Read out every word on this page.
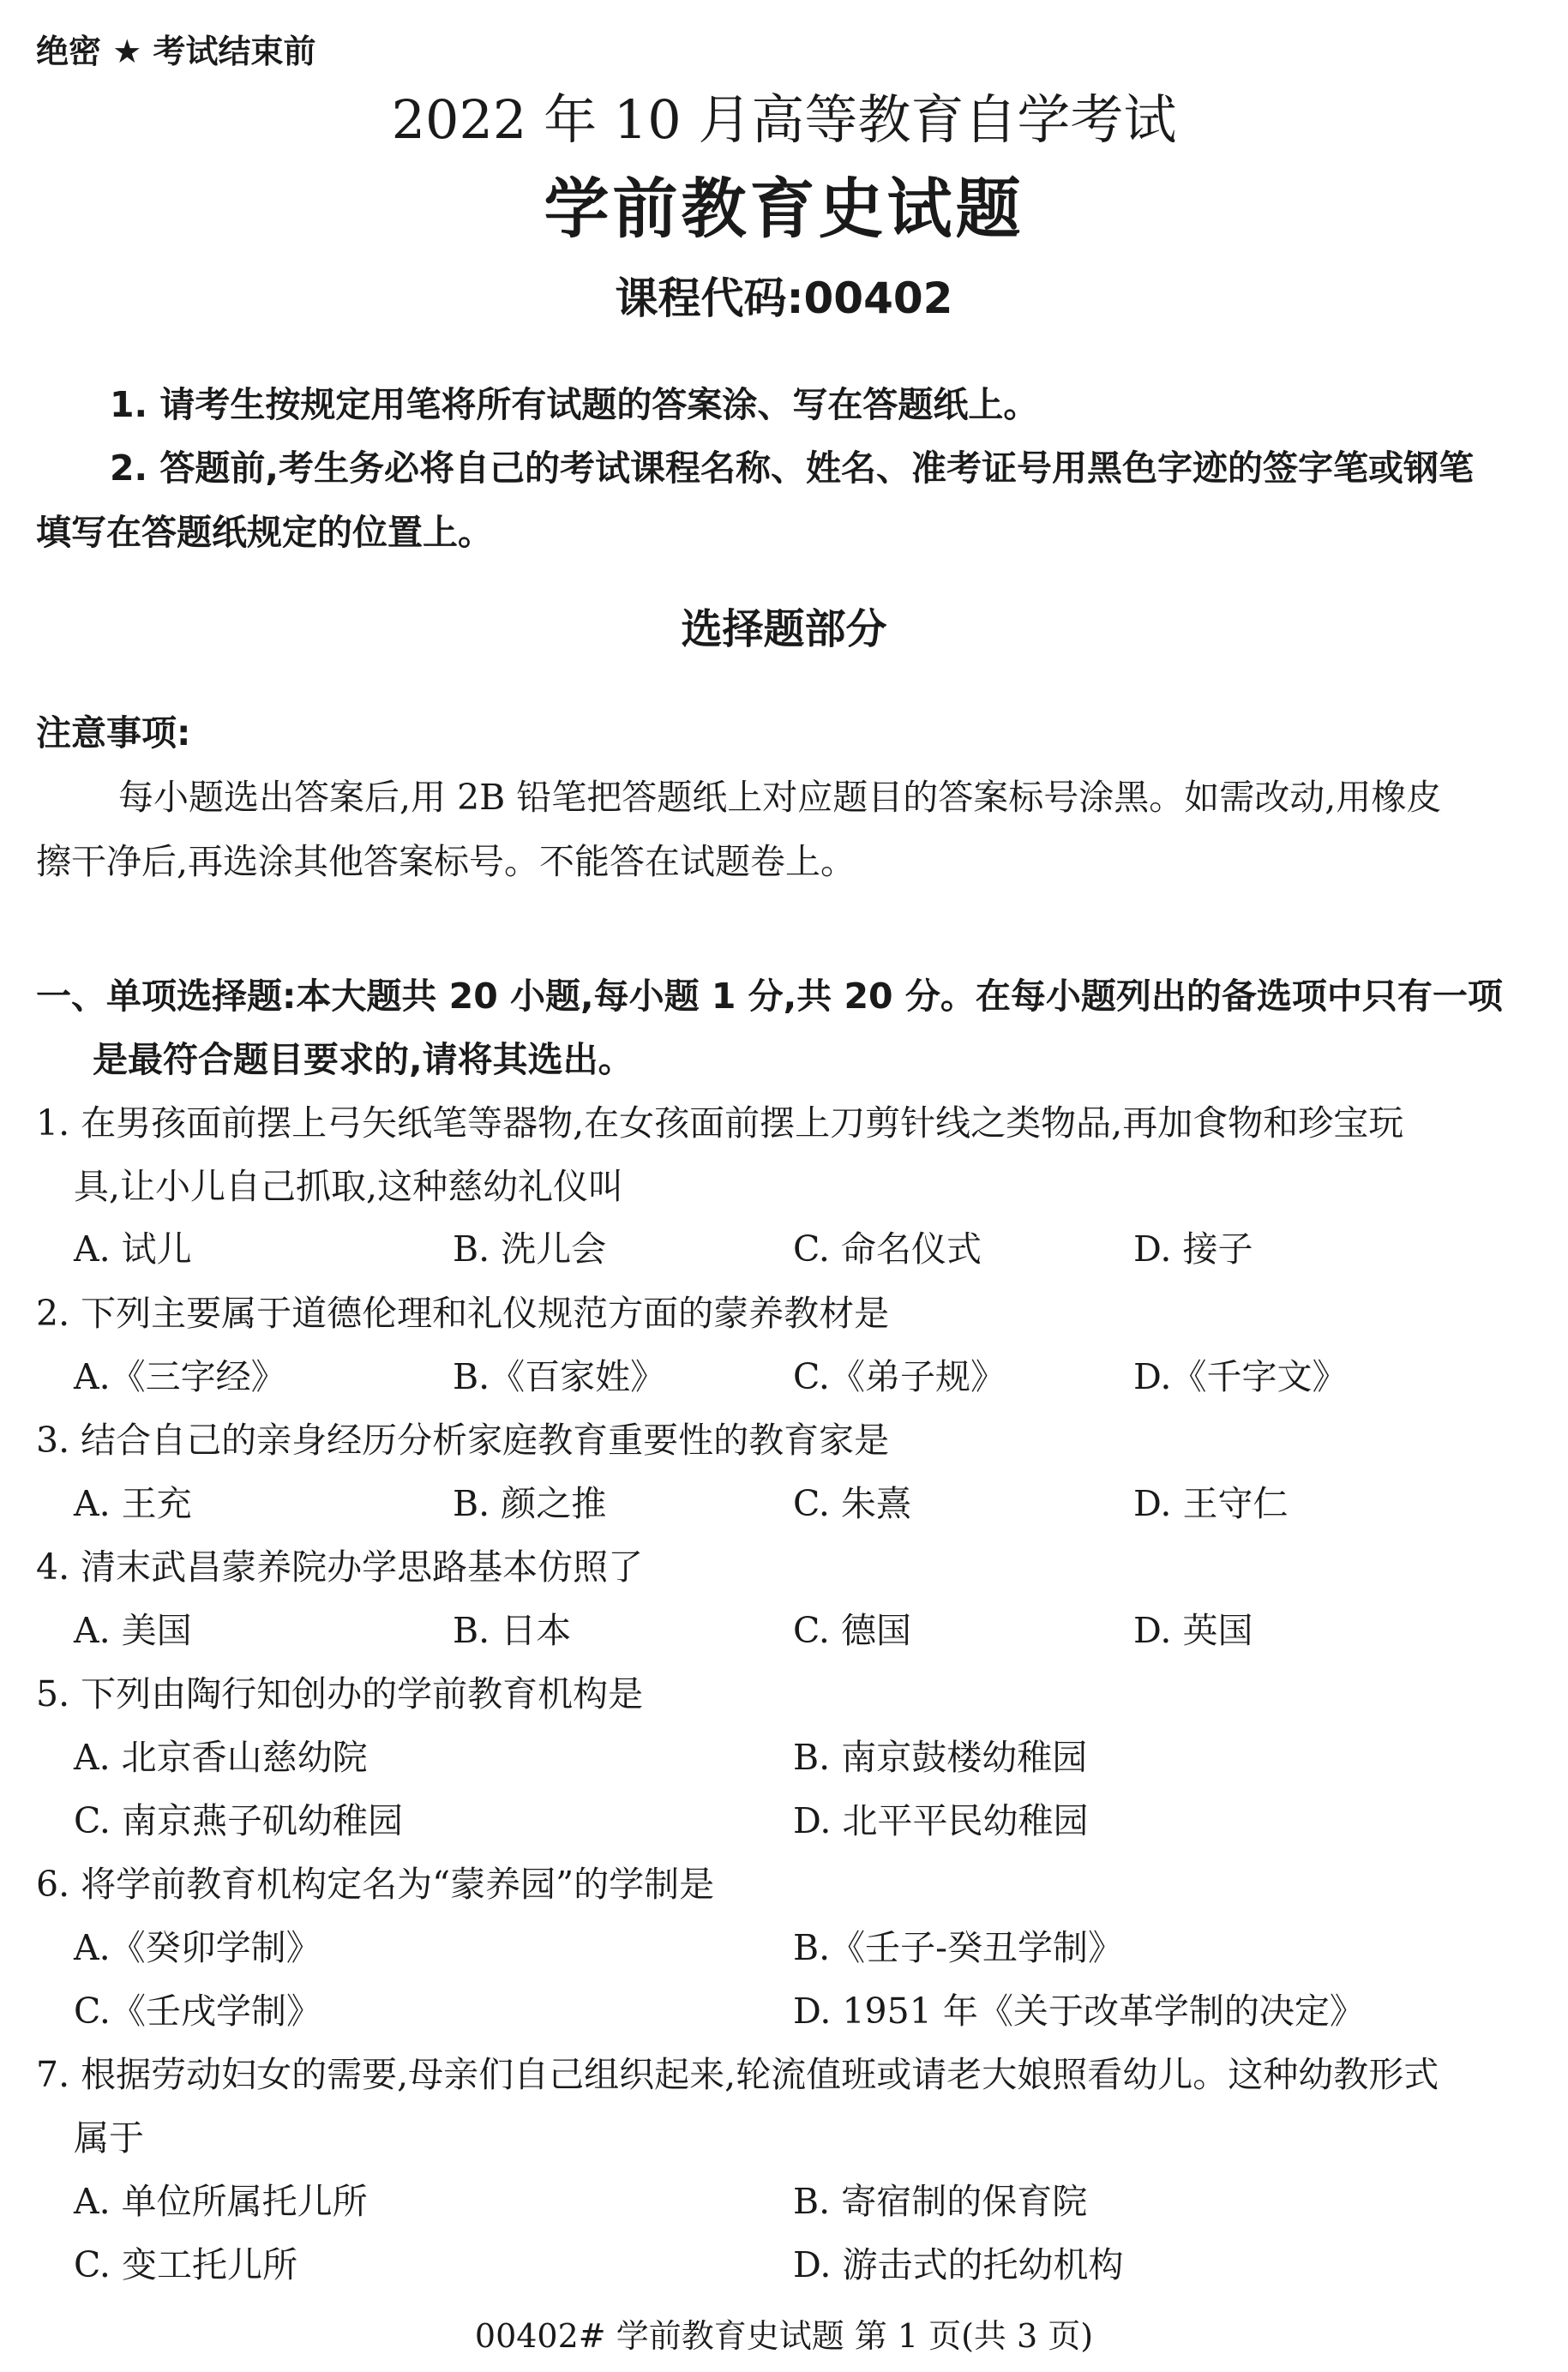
绝密 ★ 考试结束前
2022 年 10 月高等教育自学考试
学前教育史试题
课程代码:00402
1. 请考生按规定用笔将所有试题的答案涂、写在答题纸上。
2. 答题前,考生务必将自己的考试课程名称、姓名、准考证号用黑色字迹的签字笔或钢笔
填写在答题纸规定的位置上。
选择题部分
注意事项:
每小题选出答案后,用 2B 铅笔把答题纸上对应题目的答案标号涂黑。如需改动,用橡皮
擦干净后,再选涂其他答案标号。不能答在试题卷上。
一、单项选择题:本大题共 20 小题,每小题 1 分,共 20 分。在每小题列出的备选项中只有一项
是最符合题目要求的,请将其选出。
1. 在男孩面前摆上弓矢纸笔等器物,在女孩面前摆上刀剪针线之类物品,再加食物和珍宝玩
具,让小儿自己抓取,这种慈幼礼仪叫
A. 试儿	B. 洗儿会	C. 命名仪式	D. 接子
2. 下列主要属于道德伦理和礼仪规范方面的蒙养教材是
A.《三字经》	B.《百家姓》	C.《弟子规》	D.《千字文》
3. 结合自己的亲身经历分析家庭教育重要性的教育家是
A. 王充	B. 颜之推	C. 朱熹	D. 王守仁
4. 清末武昌蒙养院办学思路基本仿照了
A. 美国	B. 日本	C. 德国	D. 英国
5. 下列由陶行知创办的学前教育机构是
A. 北京香山慈幼院	B. 南京鼓楼幼稚园
C. 南京燕子矶幼稚园	D. 北平平民幼稚园
6. 将学前教育机构定名为“蒙养园”的学制是
A.《癸卯学制》	B.《壬子-癸丑学制》
C.《壬戌学制》	D. 1951 年《关于改革学制的决定》
7. 根据劳动妇女的需要,母亲们自己组织起来,轮流值班或请老大娘照看幼儿。这种幼教形式
属于
A. 单位所属托儿所	B. 寄宿制的保育院
C. 变工托儿所	D. 游击式的托幼机构
00402# 学前教育史试题 第 1 页(共 3 页)
